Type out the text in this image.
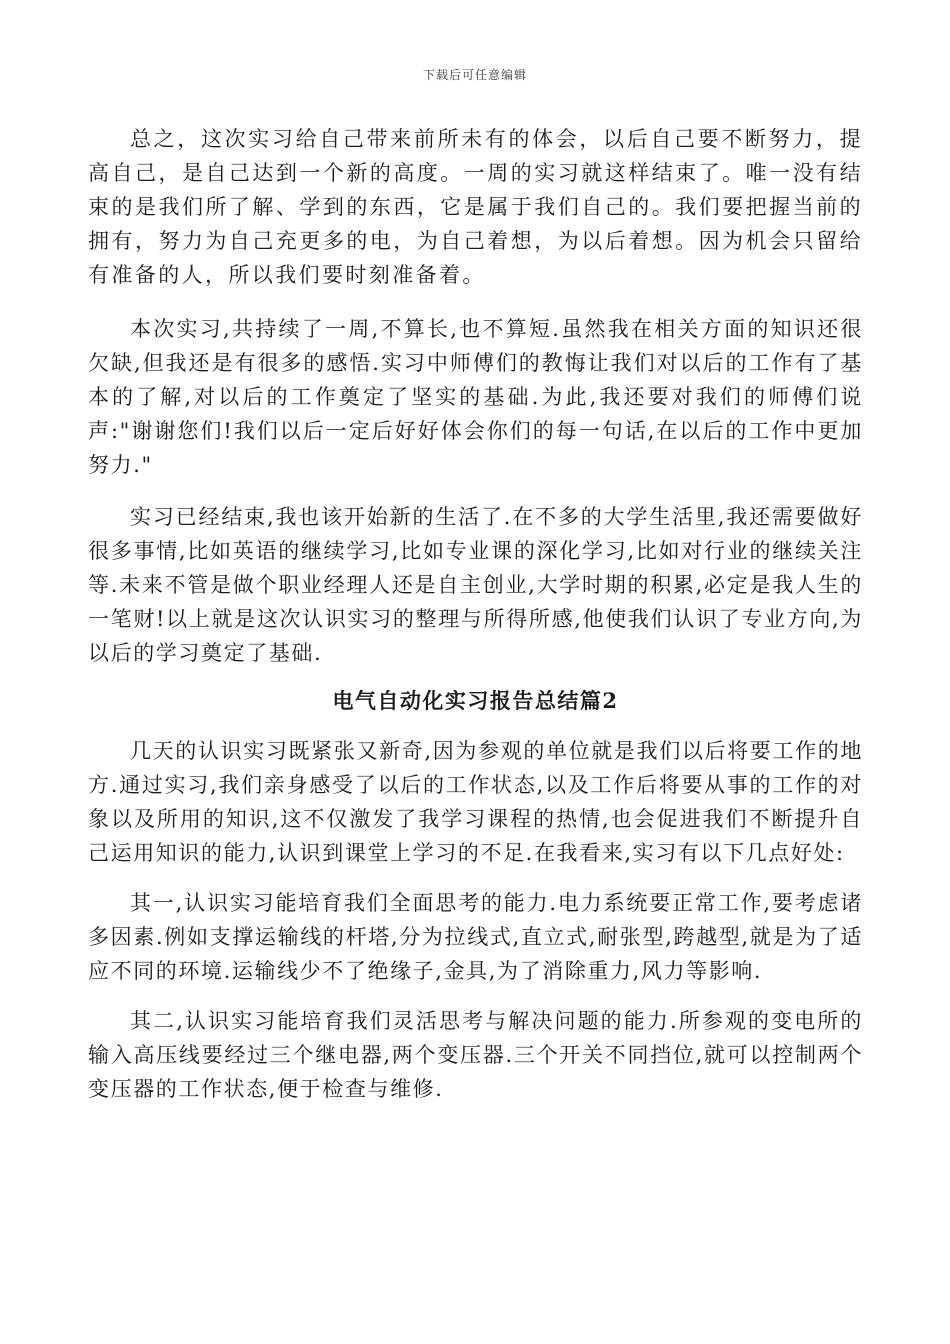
下载后可任意编辑

总之，这次实习给自己带来前所未有的体会，以后自己要不断努力，提高自己，是自己达到一个新的高度。一周的实习就这样结束了。唯一没有结束的是我们所了解、学到的东西，它是属于我们自己的。我们要把握当前的拥有，努力为自己充更多的电，为自己着想，为以后着想。因为机会只留给有准备的人，所以我们要时刻准备着。

本次实习,共持续了一周,不算长,也不算短.虽然我在相关方面的知识还很欠缺,但我还是有很多的感悟.实习中师傅们的教悔让我们对以后的工作有了基本的了解,对以后的工作奠定了坚实的基础.为此,我还要对我们的师傅们说声:"谢谢您们!我们以后一定后好好体会你们的每一句话,在以后的工作中更加努力."

实习已经结束,我也该开始新的生活了.在不多的大学生活里,我还需要做好很多事情,比如英语的继续学习,比如专业课的深化学习,比如对行业的继续关注等.未来不管是做个职业经理人还是自主创业,大学时期的积累,必定是我人生的一笔财!以上就是这次认识实习的整理与所得所感,他使我们认识了专业方向,为以后的学习奠定了基础.

电气自动化实习报告总结篇2

几天的认识实习既紧张又新奇,因为参观的单位就是我们以后将要工作的地方.通过实习,我们亲身感受了以后的工作状态,以及工作后将要从事的工作的对象以及所用的知识,这不仅激发了我学习课程的热情,也会促进我们不断提升自己运用知识的能力,认识到课堂上学习的不足.在我看来,实习有以下几点好处:

其一,认识实习能培育我们全面思考的能力.电力系统要正常工作,要考虑诸多因素.例如支撑运输线的杆塔,分为拉线式,直立式,耐张型,跨越型,就是为了适应不同的环境.运输线少不了绝缘子,金具,为了消除重力,风力等影响.

其二,认识实习能培育我们灵活思考与解决问题的能力.所参观的变电所的输入高压线要经过三个继电器,两个变压器.三个开关不同挡位,就可以控制两个变压器的工作状态,便于检查与维修.
